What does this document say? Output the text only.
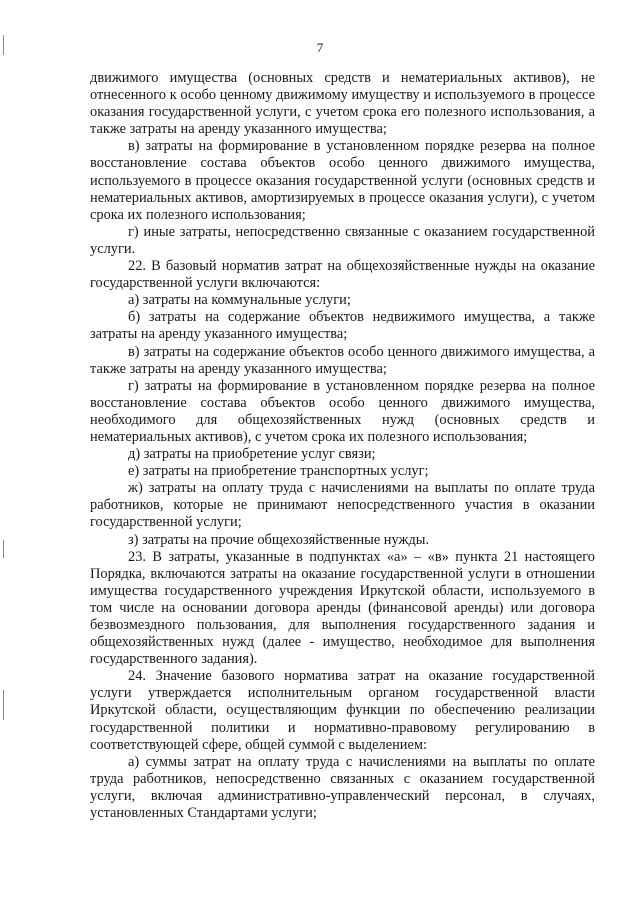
7

движимого имущества (основных средств и нематериальных активов), не отнесенного к особо ценному движимому имуществу и используемого в процессе оказания государственной услуги, с учетом срока его полезного использования, а также затраты на аренду указанного имущества;

в) затраты на формирование в установленном порядке резерва на полное восстановление состава объектов особо ценного движимого имущества, используемого в процессе оказания государственной услуги (основных средств и нематериальных активов, амортизируемых в процессе оказания услуги), с учетом срока их полезного использования;

г) иные затраты, непосредственно связанные с оказанием государственной услуги.

22. В базовый норматив затрат на общехозяйственные нужды на оказание государственной услуги включаются:

а) затраты на коммунальные услуги;

б) затраты на содержание объектов недвижимого имущества, а также затраты на аренду указанного имущества;

в) затраты на содержание объектов особо ценного движимого имущества, а также затраты на аренду указанного имущества;

г) затраты на формирование в установленном порядке резерва на полное восстановление состава объектов особо ценного движимого имущества, необходимого для общехозяйственных нужд (основных средств и нематериальных активов), с учетом срока их полезного использования;

д) затраты на приобретение услуг связи;

е) затраты на приобретение транспортных услуг;

ж) затраты на оплату труда с начислениями на выплаты по оплате труда работников, которые не принимают непосредственного участия в оказании государственной услуги;

з) затраты на прочие общехозяйственные нужды.

23. В затраты, указанные в подпунктах «а» – «в» пункта 21 настоящего Порядка, включаются затраты на оказание государственной услуги в отношении имущества государственного учреждения Иркутской области, используемого в том числе на основании договора аренды (финансовой аренды) или договора безвозмездного пользования, для выполнения государственного задания и общехозяйственных нужд (далее - имущество, необходимое для выполнения государственного задания).

24. Значение базового норматива затрат на оказание государственной услуги утверждается исполнительным органом государственной власти Иркутской области, осуществляющим функции по обеспечению реализации государственной политики и нормативно-правовому регулированию в соответствующей сфере, общей суммой с выделением:

а) суммы затрат на оплату труда с начислениями на выплаты по оплате труда работников, непосредственно связанных с оказанием государственной услуги, включая административно-управленческий персонал, в случаях, установленных Стандартами услуги;
